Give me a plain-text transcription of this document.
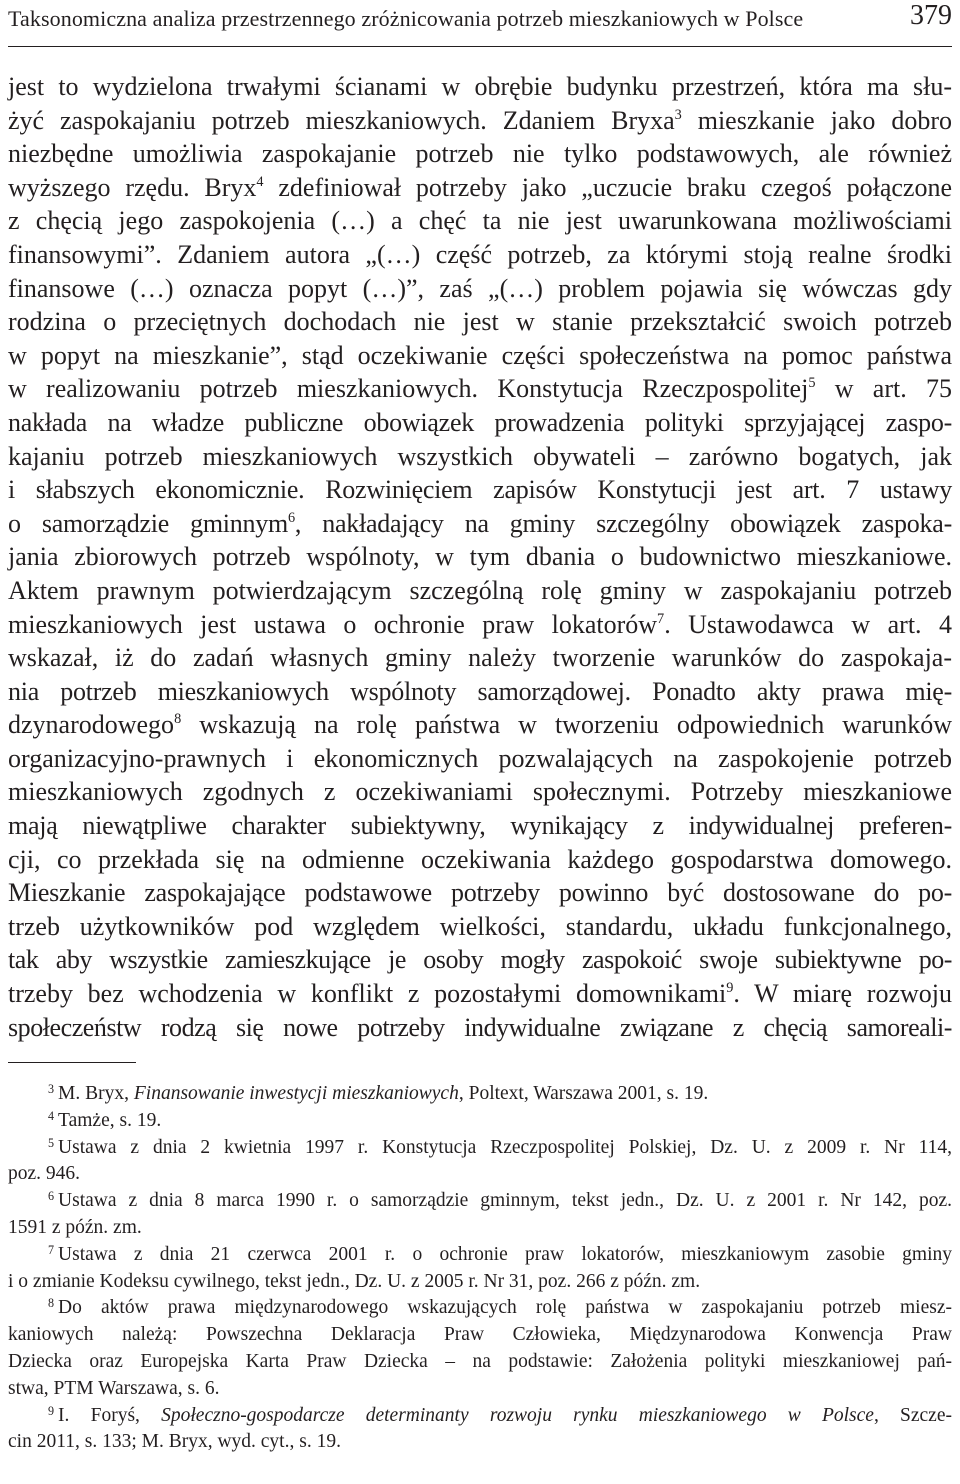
Taksonomiczna analiza przestrzennego zróżnicowania potrzeb mieszkaniowych w Polsce	379
jest to wydzielona trwałymi ścianami w obrębie budynku przestrzeń, która ma słu-
żyć zaspokajaniu potrzeb mieszkaniowych. Zdaniem Bryxa$^3$ mieszkanie jako dobro
niezbędne umożliwia zaspokajanie potrzeb nie tylko podstawowych, ale również
wyższego rzędu. Bryx$^4$ zdefiniował potrzeby jako „uczucie braku czegoś połączone
z chęcią jego zaspokojenia (…) a chęć ta nie jest uwarunkowana możliwościami
finansowymi”. Zdaniem autora „(…) część potrzeb, za którymi stoją realne środki
finansowe (…) oznacza popyt (…)”, zaś „(…) problem pojawia się wówczas gdy
rodzina o przeciętnych dochodach nie jest w stanie przekształcić swoich potrzeb
w popyt na mieszkanie”, stąd oczekiwanie części społeczeństwa na pomoc państwa
w realizowaniu potrzeb mieszkaniowych. Konstytucja Rzeczpospolitej$^5$ w art. 75
nakłada na władze publiczne obowiązek prowadzenia polityki sprzyjającej zaspo-
kajaniu potrzeb mieszkaniowych wszystkich obywateli – zarówno bogatych, jak
i słabszych ekonomicznie. Rozwinięciem zapisów Konstytucji jest art. 7 ustawy
o samorządzie gminnym$^6$, nakładający na gminy szczególny obowiązek zaspoka-
jania zbiorowych potrzeb wspólnoty, w tym dbania o budownictwo mieszkaniowe.
Aktem prawnym potwierdzającym szczególną rolę gminy w zaspokajaniu potrzeb
mieszkaniowych jest ustawa o ochronie praw lokatorów$^7$. Ustawodawca w art. 4
wskazał, iż do zadań własnych gminy należy tworzenie warunków do zaspokaja-
nia potrzeb mieszkaniowych wspólnoty samorządowej. Ponadto akty prawa mię-
dzynarodowego$^8$ wskazują na rolę państwa w tworzeniu odpowiednich warunków
organizacyjno-prawnych i ekonomicznych pozwalających na zaspokojenie potrzeb
mieszkaniowych zgodnych z oczekiwaniami społecznymi. Potrzeby mieszkaniowe
mają niewątpliwe charakter subiektywny, wynikający z indywidualnej preferen-
cji, co przekłada się na odmienne oczekiwania każdego gospodarstwa domowego.
Mieszkanie zaspokajające podstawowe potrzeby powinno być dostosowane do po-
trzeb użytkowników pod względem wielkości, standardu, układu funkcjonalnego,
tak aby wszystkie zamieszkujące je osoby mogły zaspokoić swoje subiektywne po-
trzeby bez wchodzenia w konflikt z pozostałymi domownikami$^9$. W miarę rozwoju
społeczeństw rodzą się nowe potrzeby indywidualne związane z chęcią samoreali-
$^3$ M. Bryx, Finansowanie inwestycji mieszkaniowych, Poltext, Warszawa 2001, s. 19.
$^4$ Tamże, s. 19.
$^5$ Ustawa z dnia 2 kwietnia 1997 r. Konstytucja Rzeczpospolitej Polskiej, Dz. U. z 2009 r. Nr 114,
poz. 946.
$^6$ Ustawa z dnia 8 marca 1990 r. o samorządzie gminnym, tekst jedn., Dz. U. z 2001 r. Nr 142, poz.
1591 z późn. zm.
$^7$ Ustawa z dnia 21 czerwca 2001 r. o ochronie praw lokatorów, mieszkaniowym zasobie gminy
i o zmianie Kodeksu cywilnego, tekst jedn., Dz. U. z 2005 r. Nr 31, poz. 266 z późn. zm.
$^8$ Do aktów prawa międzynarodowego wskazujących rolę państwa w zaspokajaniu potrzeb miesz-
kaniowych należą: Powszechna Deklaracja Praw Człowieka, Międzynarodowa Konwencja Praw
Dziecka oraz Europejska Karta Praw Dziecka – na podstawie: Założenia polityki mieszkaniowej pań-
stwa, PTM Warszawa, s. 6.
$^9$ I. Foryś, Społeczno-gospodarcze determinanty rozwoju rynku mieszkaniowego w Polsce, Szcze-
cin 2011, s. 133; M. Bryx, wyd. cyt., s. 19.
